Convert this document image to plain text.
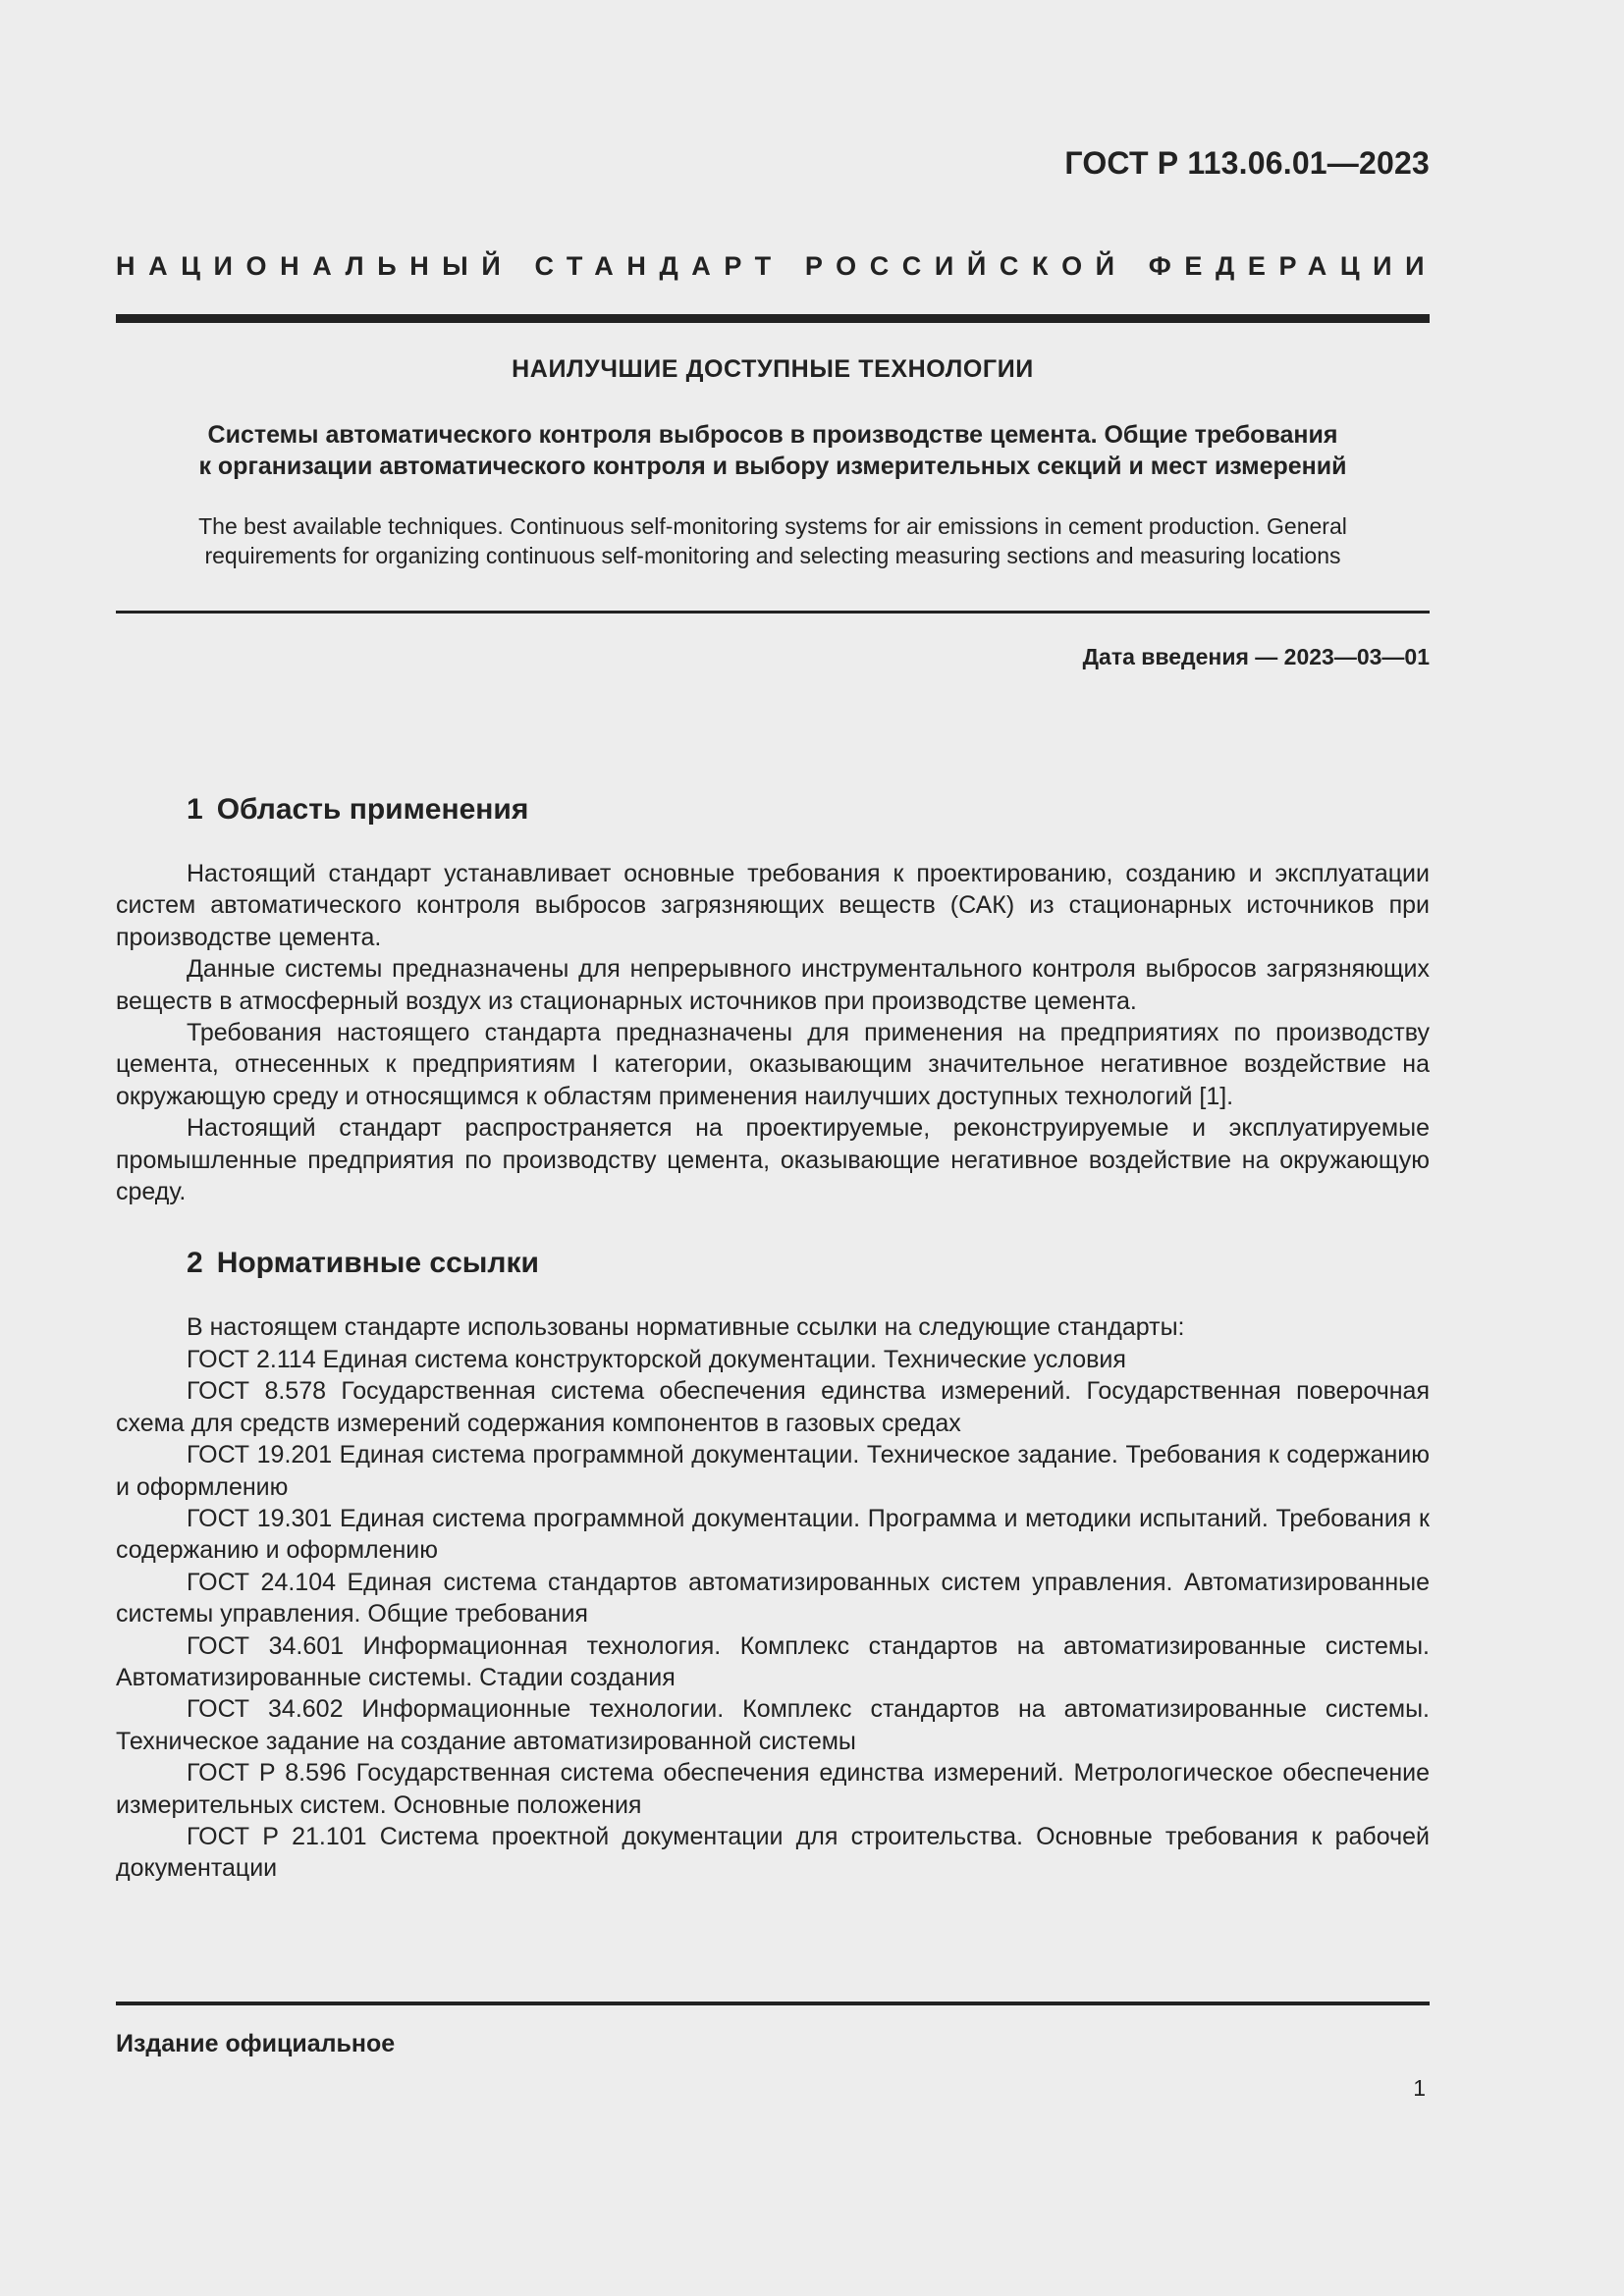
ГОСТ Р 113.06.01—2023
НАЦИОНАЛЬНЫЙ СТАНДАРТ РОССИЙСКОЙ ФЕДЕРАЦИИ
НАИЛУЧШИЕ ДОСТУПНЫЕ ТЕХНОЛОГИИ
Системы автоматического контроля выбросов в производстве цемента. Общие требования
к организации автоматического контроля и выбору измерительных секций и мест измерений
The best available techniques. Continuous self-monitoring systems for air emissions in cement production. General
requirements for organizing continuous self-monitoring and selecting measuring sections and measuring locations
Дата введения — 2023—03—01
1 Область применения

Настоящий стандарт устанавливает основные требования к проектированию, созданию и эксплуатации систем автоматического контроля выбросов загрязняющих веществ (САК) из стационарных источников при производстве цемента.

Данные системы предназначены для непрерывного инструментального контроля выбросов загрязняющих веществ в атмосферный воздух из стационарных источников при производстве цемента.

Требования настоящего стандарта предназначены для применения на предприятиях по производству цемента, отнесенных к предприятиям I категории, оказывающим значительное негативное воздействие на окружающую среду и относящимся к областям применения наилучших доступных технологий [1].

Настоящий стандарт распространяется на проектируемые, реконструируемые и эксплуатируемые промышленные предприятия по производству цемента, оказывающие негативное воздействие на окружающую среду.

2 Нормативные ссылки

В настоящем стандарте использованы нормативные ссылки на следующие стандарты:

ГОСТ 2.114 Единая система конструкторской документации. Технические условия

ГОСТ 8.578 Государственная система обеспечения единства измерений. Государственная поверочная схема для средств измерений содержания компонентов в газовых средах

ГОСТ 19.201 Единая система программной документации. Техническое задание. Требования к содержанию и оформлению

ГОСТ 19.301 Единая система программной документации. Программа и методики испытаний. Требования к содержанию и оформлению

ГОСТ 24.104 Единая система стандартов автоматизированных систем управления. Автоматизированные системы управления. Общие требования

ГОСТ 34.601 Информационная технология. Комплекс стандартов на автоматизированные системы. Автоматизированные системы. Стадии создания

ГОСТ 34.602 Информационные технологии. Комплекс стандартов на автоматизированные системы. Техническое задание на создание автоматизированной системы

ГОСТ Р 8.596 Государственная система обеспечения единства измерений. Метрологическое обеспечение измерительных систем. Основные положения

ГОСТ Р 21.101 Система проектной документации для строительства. Основные требования к рабочей документации

Издание официальное
1
